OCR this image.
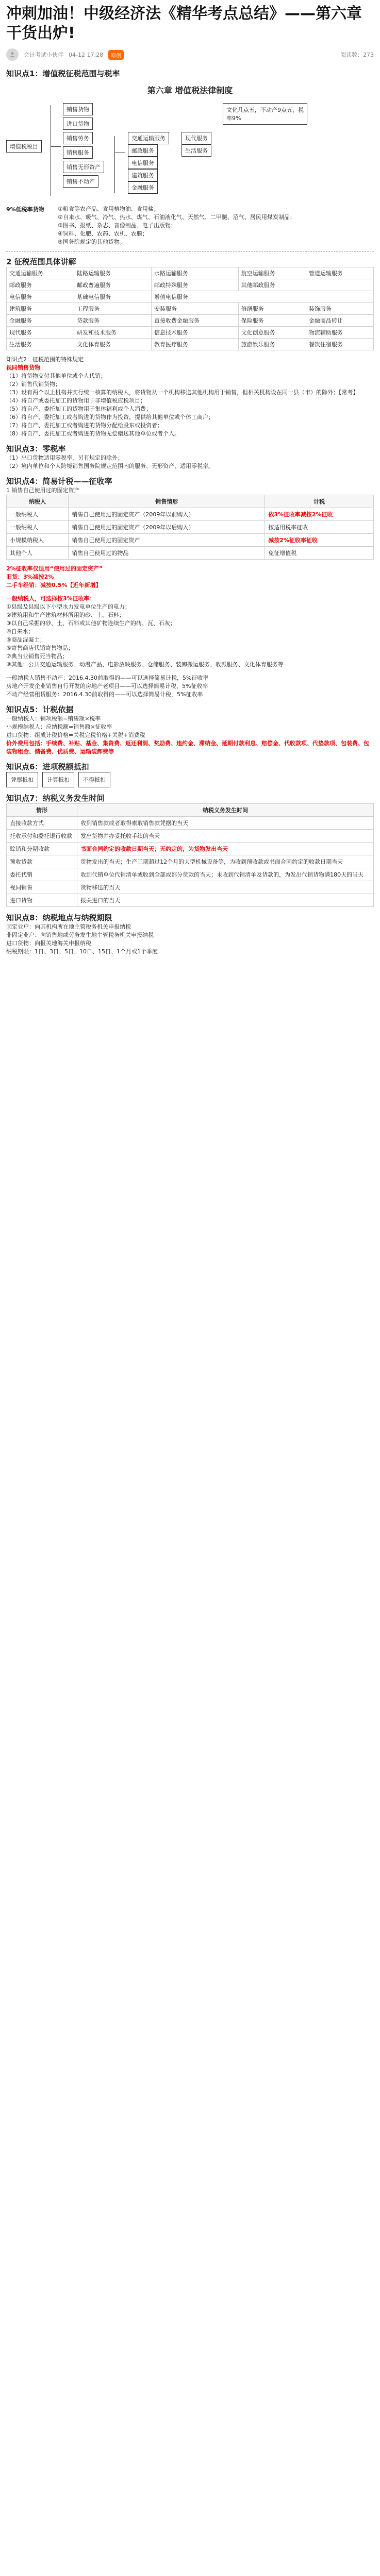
冲刺加油！中级经济法《精华考点总结》——第六章干货出炉!
会计考试小伙伴 04-12 17:28	原创	阅读数：273

知识点1：增值税征税范围与税率

第六章 增值税法律制度
增值税税目
销售货物
进口货物
销售劳务
销售服务
销售无形资产
销售不动产
交通运输服务
邮政服务
电信服务
建筑服务
金融服务
现代服务
生活服务
文化几点五，不动产9点五，税率9%
9%低税率货物	①粮食等农产品、食用植物油、食用盐；

②自来水、暖气、冷气、热水、煤气、石油液化气、天然气、二甲醚、沼气、居民用煤炭制品；

③图书、报纸、杂志、音像制品、电子出版物；

④饲料、化肥、农药、农机、农膜；

⑤国务院规定的其他货物。

2 征税范围具体讲解

交通运输服务	陆路运输服务	水路运输服务	航空运输服务	管道运输服务
邮政服务	邮政普遍服务	邮政特殊服务	其他邮政服务	
电信服务	基础电信服务	增值电信服务		
建筑服务	工程服务	安装服务	修缮服务	装饰服务
金融服务	贷款服务	直接收费金融服务	保险服务	金融商品转让
现代服务	研发和技术服务	信息技术服务	文化创意服务	物流辅助服务
生活服务	文化体育服务	教育医疗服务	旅游娱乐服务	餐饮住宿服务

知识点2：征税范围的特殊规定

视同销售货物

（1）将货物交付其他单位或个人代销；

（2）销售代销货物；

（3）设有两个以上机构并实行统一核算的纳税人，将货物从一个机构移送其他机构用于销售，但相关机构设在同一县（市）的除外；【常考】

（4）将自产或委托加工的货物用于非增值税应税项目；

（5）将自产、委托加工的货物用于集体福利或个人消费；

（6）将自产、委托加工或者购进的货物作为投资，提供给其他单位或个体工商户；

（7）将自产、委托加工或者购进的货物分配给股东或投资者；

（8）将自产、委托加工或者购进的货物无偿赠送其他单位或者个人。

知识点3：零税率

（1）出口货物适用零税率，另有规定的除外；

（2）境内单位和个人跨境销售国务院规定范围内的服务、无形资产，适用零税率。

知识点4：简易计税——征收率

1 销售自己使用过的固定资产

纳税人	销售情形	计税
一般纳税人	销售自己使用过的固定资产（2009年以前购入）	依3%征收率减按2%征收
一般纳税人	销售自己使用过的固定资产（2009年以后购入）	按适用税率征收
小规模纳税人	销售自己使用过的固定资产	减按2%征收率征收
其他个人	销售自己使用过的物品	免征增值税

2%征收率仅适用“使用过的固定资产”

旧货：3%减按2%

二手车经销：减按0.5%【近年新增】

一般纳税人，可选择按3%征收率：

①县级及县级以下小型水力发电单位生产的电力；

②建筑用和生产建筑材料所用的砂、土、石料；

③以自己采掘的砂、土、石料或其他矿物连续生产的砖、瓦、石灰；

④自来水；

⑤商品混凝土；

⑥寄售商店代销寄售物品；

⑦典当业销售死当物品；

⑧其他：公共交通运输服务、动漫产品、电影放映服务、仓储服务、装卸搬运服务、收派服务、文化体育服务等

一般纳税人销售不动产：2016.4.30前取得的——可以选择简易计税，5%征收率

房地产开发企业销售自行开发的房地产老项目——可以选择简易计税，5%征收率

不动产经营租赁服务：2016.4.30前取得的——可以选择简易计税，5%征收率

知识点5：计税依据

一般纳税人：销项税额=销售额×税率

小规模纳税人：应纳税额=销售额×征收率

进口货物：组成计税价格=关税完税价格+关税+消费税

价外费用包括：手续费、补贴、基金、集资费、返还利润、奖励费、违约金、滞纳金、延期付款利息、赔偿金、代收款项、代垫款项、包装费、包装物租金、储备费、优质费、运输装卸费等

知识点6：进项税额抵扣

凭票抵扣	计算抵扣	不得抵扣

知识点7：纳税义务发生时间

情形	纳税义务发生时间
直接收款方式	收到销售款或者取得索取销售款凭据的当天
托收承付和委托银行收款	发出货物并办妥托收手续的当天
赊销和分期收款	书面合同约定的收款日期当天；无约定的，为货物发出当天
预收货款	货物发出的当天；生产工期超过12个月的大型机械设备等，为收到预收款或书面合同约定的收款日期当天
委托代销	收到代销单位代销清单或收到全部或部分货款的当天；未收到代销清单及货款的，为发出代销货物满180天的当天
视同销售	货物移送的当天
进口货物	报关进口的当天

知识点8：纳税地点与纳税期限

固定业户：向其机构所在地主管税务机关申报纳税

非固定业户：向销售地或劳务发生地主管税务机关申报纳税

进口货物：向报关地海关申报纳税

纳税期限：1日、3日、5日、10日、15日、1个月或1个季度
